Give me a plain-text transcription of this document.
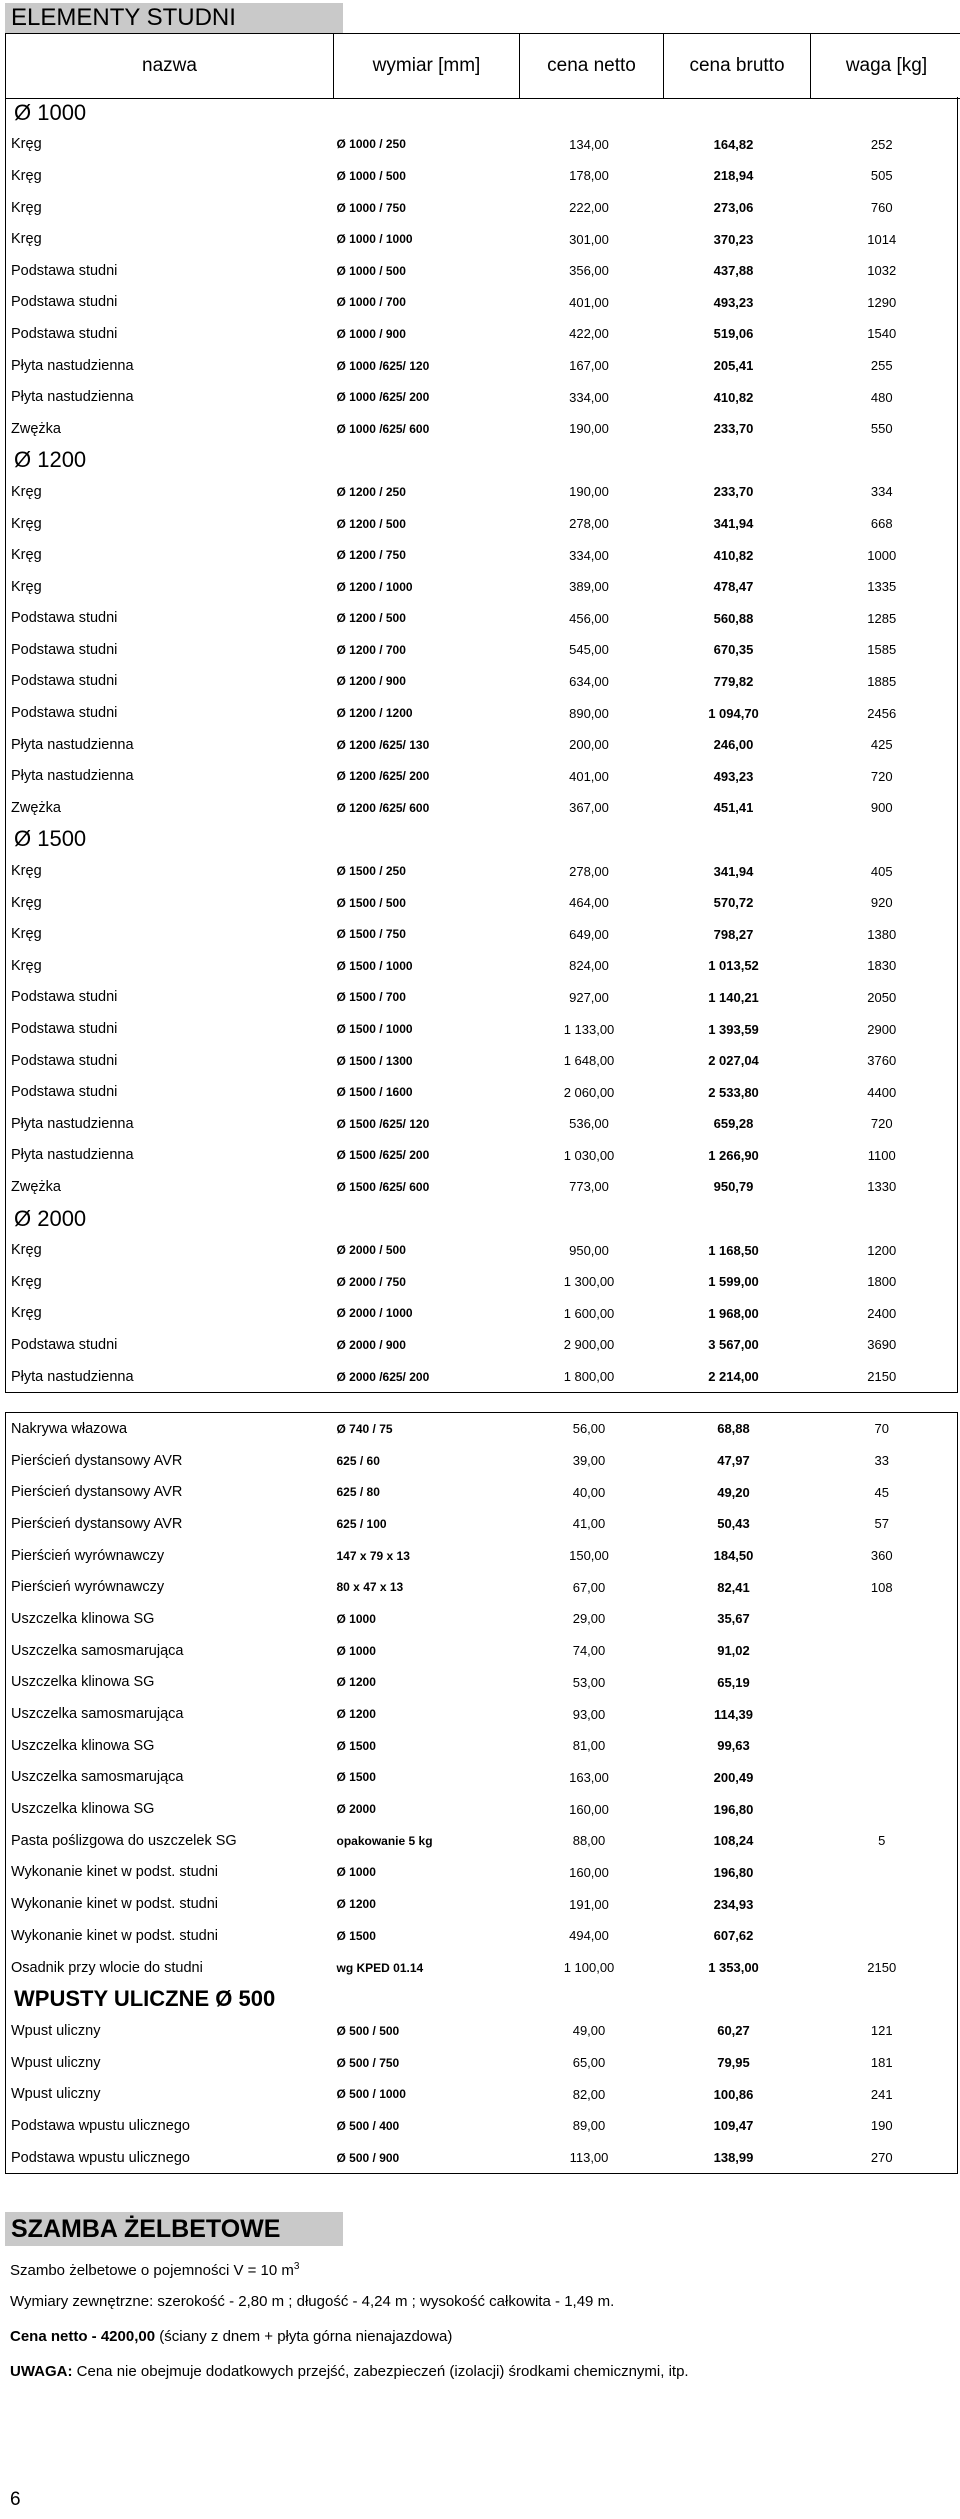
ELEMENTY STUDNI
nazwa	wymiar [mm]	cena netto	cena brutto	waga [kg]
Ø 1000				
Kręg	Ø 1000 / 250	134,00	164,82	252
Kręg	Ø 1000 / 500	178,00	218,94	505
Kręg	Ø 1000 / 750	222,00	273,06	760
Kręg	Ø 1000 / 1000	301,00	370,23	1014
Podstawa studni	Ø 1000 / 500	356,00	437,88	1032
Podstawa studni	Ø 1000 / 700	401,00	493,23	1290
Podstawa studni	Ø 1000 / 900	422,00	519,06	1540
Płyta nastudzienna	Ø 1000 /625/ 120	167,00	205,41	255
Płyta nastudzienna	Ø 1000 /625/ 200	334,00	410,82	480
Zwężka	Ø 1000 /625/ 600	190,00	233,70	550
Ø 1200				
Kręg	Ø 1200 / 250	190,00	233,70	334
Kręg	Ø 1200 / 500	278,00	341,94	668
Kręg	Ø 1200 / 750	334,00	410,82	1000
Kręg	Ø 1200 / 1000	389,00	478,47	1335
Podstawa studni	Ø 1200 / 500	456,00	560,88	1285
Podstawa studni	Ø 1200 / 700	545,00	670,35	1585
Podstawa studni	Ø 1200 / 900	634,00	779,82	1885
Podstawa studni	Ø 1200 / 1200	890,00	1 094,70	2456
Płyta nastudzienna	Ø 1200 /625/ 130	200,00	246,00	425
Płyta nastudzienna	Ø 1200 /625/ 200	401,00	493,23	720
Zwężka	Ø 1200 /625/ 600	367,00	451,41	900
Ø 1500				
Kręg	Ø 1500 / 250	278,00	341,94	405
Kręg	Ø 1500 / 500	464,00	570,72	920
Kręg	Ø 1500 / 750	649,00	798,27	1380
Kręg	Ø 1500 / 1000	824,00	1 013,52	1830
Podstawa studni	Ø 1500 / 700	927,00	1 140,21	2050
Podstawa studni	Ø 1500 / 1000	1 133,00	1 393,59	2900
Podstawa studni	Ø 1500 / 1300	1 648,00	2 027,04	3760
Podstawa studni	Ø 1500 / 1600	2 060,00	2 533,80	4400
Płyta nastudzienna	Ø 1500 /625/ 120	536,00	659,28	720
Płyta nastudzienna	Ø 1500 /625/ 200	1 030,00	1 266,90	1100
Zwężka	Ø 1500 /625/ 600	773,00	950,79	1330
Ø 2000				
Kręg	Ø 2000 / 500	950,00	1 168,50	1200
Kręg	Ø 2000 / 750	1 300,00	1 599,00	1800
Kręg	Ø 2000 / 1000	1 600,00	1 968,00	2400
Podstawa studni	Ø 2000 / 900	2 900,00	3 567,00	3690
Płyta nastudzienna	Ø 2000 /625/ 200	1 800,00	2 214,00	2150
Nakrywa włazowa	Ø 740 / 75	56,00	68,88	70
Pierścień dystansowy AVR	625 / 60	39,00	47,97	33
Pierścień dystansowy AVR	625 / 80	40,00	49,20	45
Pierścień dystansowy AVR	625 / 100	41,00	50,43	57
Pierścień wyrównawczy	147 x 79 x 13	150,00	184,50	360
Pierścień wyrównawczy	80 x 47 x 13	67,00	82,41	108
Uszczelka klinowa SG	Ø 1000	29,00	35,67	
Uszczelka samosmarująca	Ø 1000	74,00	91,02	
Uszczelka klinowa SG	Ø 1200	53,00	65,19	
Uszczelka samosmarująca	Ø 1200	93,00	114,39	
Uszczelka klinowa SG	Ø 1500	81,00	99,63	
Uszczelka samosmarująca	Ø 1500	163,00	200,49	
Uszczelka klinowa SG	Ø 2000	160,00	196,80	
Pasta poślizgowa do uszczelek SG	opakowanie 5 kg	88,00	108,24	5
Wykonanie kinet w podst. studni	Ø 1000	160,00	196,80	
Wykonanie kinet w podst. studni	Ø 1200	191,00	234,93	
Wykonanie kinet w podst. studni	Ø 1500	494,00	607,62	
Osadnik przy wlocie do studni	wg KPED 01.14	1 100,00	1 353,00	2150
WPUSTY ULICZNE Ø 500				
Wpust uliczny	Ø 500 / 500	49,00	60,27	121
Wpust uliczny	Ø 500 / 750	65,00	79,95	181
Wpust uliczny	Ø 500 / 1000	82,00	100,86	241
Podstawa wpustu ulicznego	Ø 500 / 400	89,00	109,47	190
Podstawa wpustu ulicznego	Ø 500 / 900	113,00	138,99	270
SZAMBA ŻELBETOWE
Szambo żelbetowe o pojemności V = 10 $m^3$
Wymiary zewnętrzne: szerokość - 2,80 m ; długość - 4,24 m ; wysokość całkowita - 1,49 m.
Cena netto - 4200,00 (ściany z dnem + płyta górna nienajazdowa)
UWAGA: Cena nie obejmuje dodatkowych przejść, zabezpieczeń (izolacji) środkami chemicznymi, itp.
6
